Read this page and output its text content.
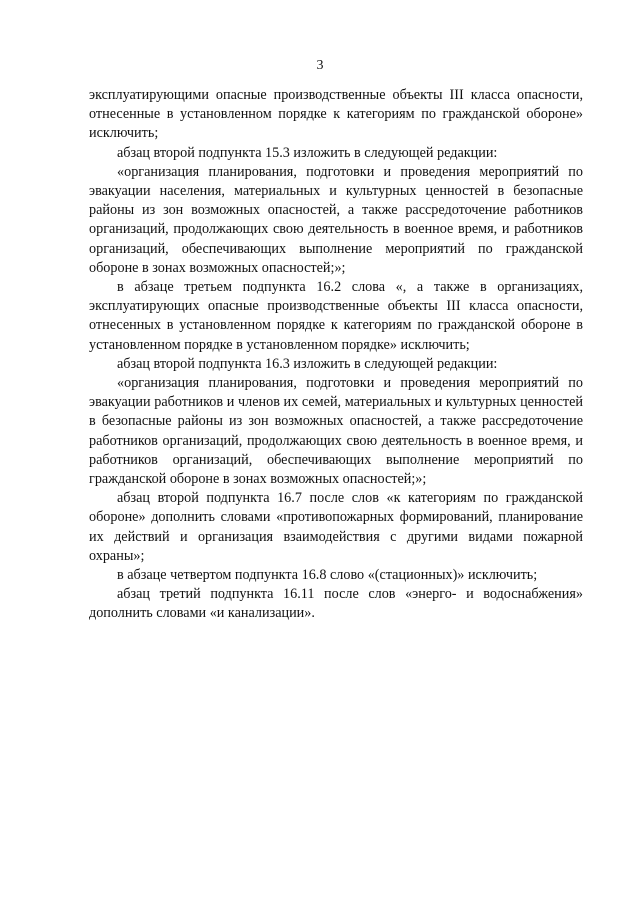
3

эксплуатирующими опасные производственные объекты III класса опасности, отнесенные в установленном порядке к категориям по гражданской обороне» исключить;

абзац второй подпункта 15.3 изложить в следующей редакции:

«организация планирования, подготовки и проведения мероприятий по эвакуации населения, материальных и культурных ценностей в безопасные районы из зон возможных опасностей, а также рассредоточение работников организаций, продолжающих свою деятельность в военное время, и работников организаций, обеспечивающих выполнение мероприятий по гражданской обороне в зонах возможных опасностей;»;

в абзаце третьем подпункта 16.2 слова «, а также в организациях, эксплуатирующих опасные производственные объекты III класса опасности, отнесенных в установленном порядке к категориям по гражданской обороне в установленном порядке в установленном порядке» исключить;

абзац второй подпункта 16.3 изложить в следующей редакции:

«организация планирования, подготовки и проведения мероприятий по эвакуации работников и членов их семей, материальных и культурных ценностей в безопасные районы из зон возможных опасностей, а также рассредоточение работников организаций, продолжающих свою деятельность в военное время, и работников организаций, обеспечивающих выполнение мероприятий по гражданской обороне в зонах возможных опасностей;»;

абзац второй подпункта 16.7 после слов «к категориям по гражданской обороне» дополнить словами «противопожарных формирований, планирование их действий и организация взаимодействия с другими видами пожарной охраны»;

в абзаце четвертом подпункта 16.8 слово «(стационных)» исключить;

абзац третий подпункта 16.11 после слов «энерго- и водоснабжения» дополнить словами «и канализации».
